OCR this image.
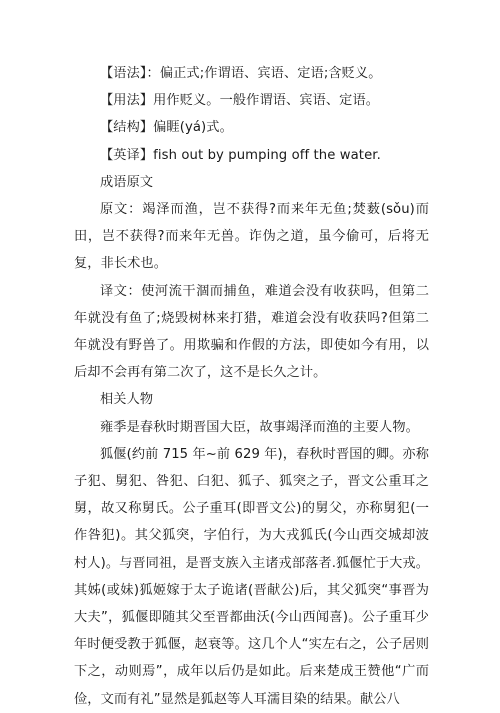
【语法】：偏正式;作谓语、宾语、定语;含贬义。

【用法】用作贬义。一般作谓语、宾语、定语。

【结构】偏睚(yá)式。

【英译】fish out by pumping off the water.

成语原文

原文：竭泽而渔，岂不获得?而来年无鱼;焚薮(sǒu)而田，岂不获得?而来年无兽。诈伪之道，虽今偷可，后将无复，非长术也。

译文：使河流干涸而捕鱼，难道会没有收获吗，但第二年就没有鱼了;烧毁树林来打猎，难道会没有收获吗?但第二年就没有野兽了。用欺骗和作假的方法，即使如今有用，以后却不会再有第二次了，这不是长久之计。

相关人物

雍季是春秋时期晋国大臣，故事竭泽而渔的主要人物。

狐偃(约前 715 年~前 629 年)，春秋时晋国的卿。亦称子犯、舅犯、咎犯、臼犯、狐子、狐突之子，晋文公重耳之舅，故又称舅氏。公子重耳(即晋文公)的舅父，亦称舅犯(一作咎犯)。其父狐突，字伯行，为大戎狐氏(今山西交城却波村人)。与晋同祖，是晋支族入主诸戎部落者.狐偃忙于大戎。其姊(或妹)狐姬嫁于太子诡诸(晋献公)后，其父狐突“事晋为大夫”，狐偃即随其父至晋都曲沃(今山西闻喜)。公子重耳少年时便受教于狐偃，赵衰等。这几个人“实左右之，公子居则下之，动则焉”，成年以后仍是如此。后来楚成王赞他“广而俭，文而有礼”显然是狐赵等人耳濡目染的结果。献公八
